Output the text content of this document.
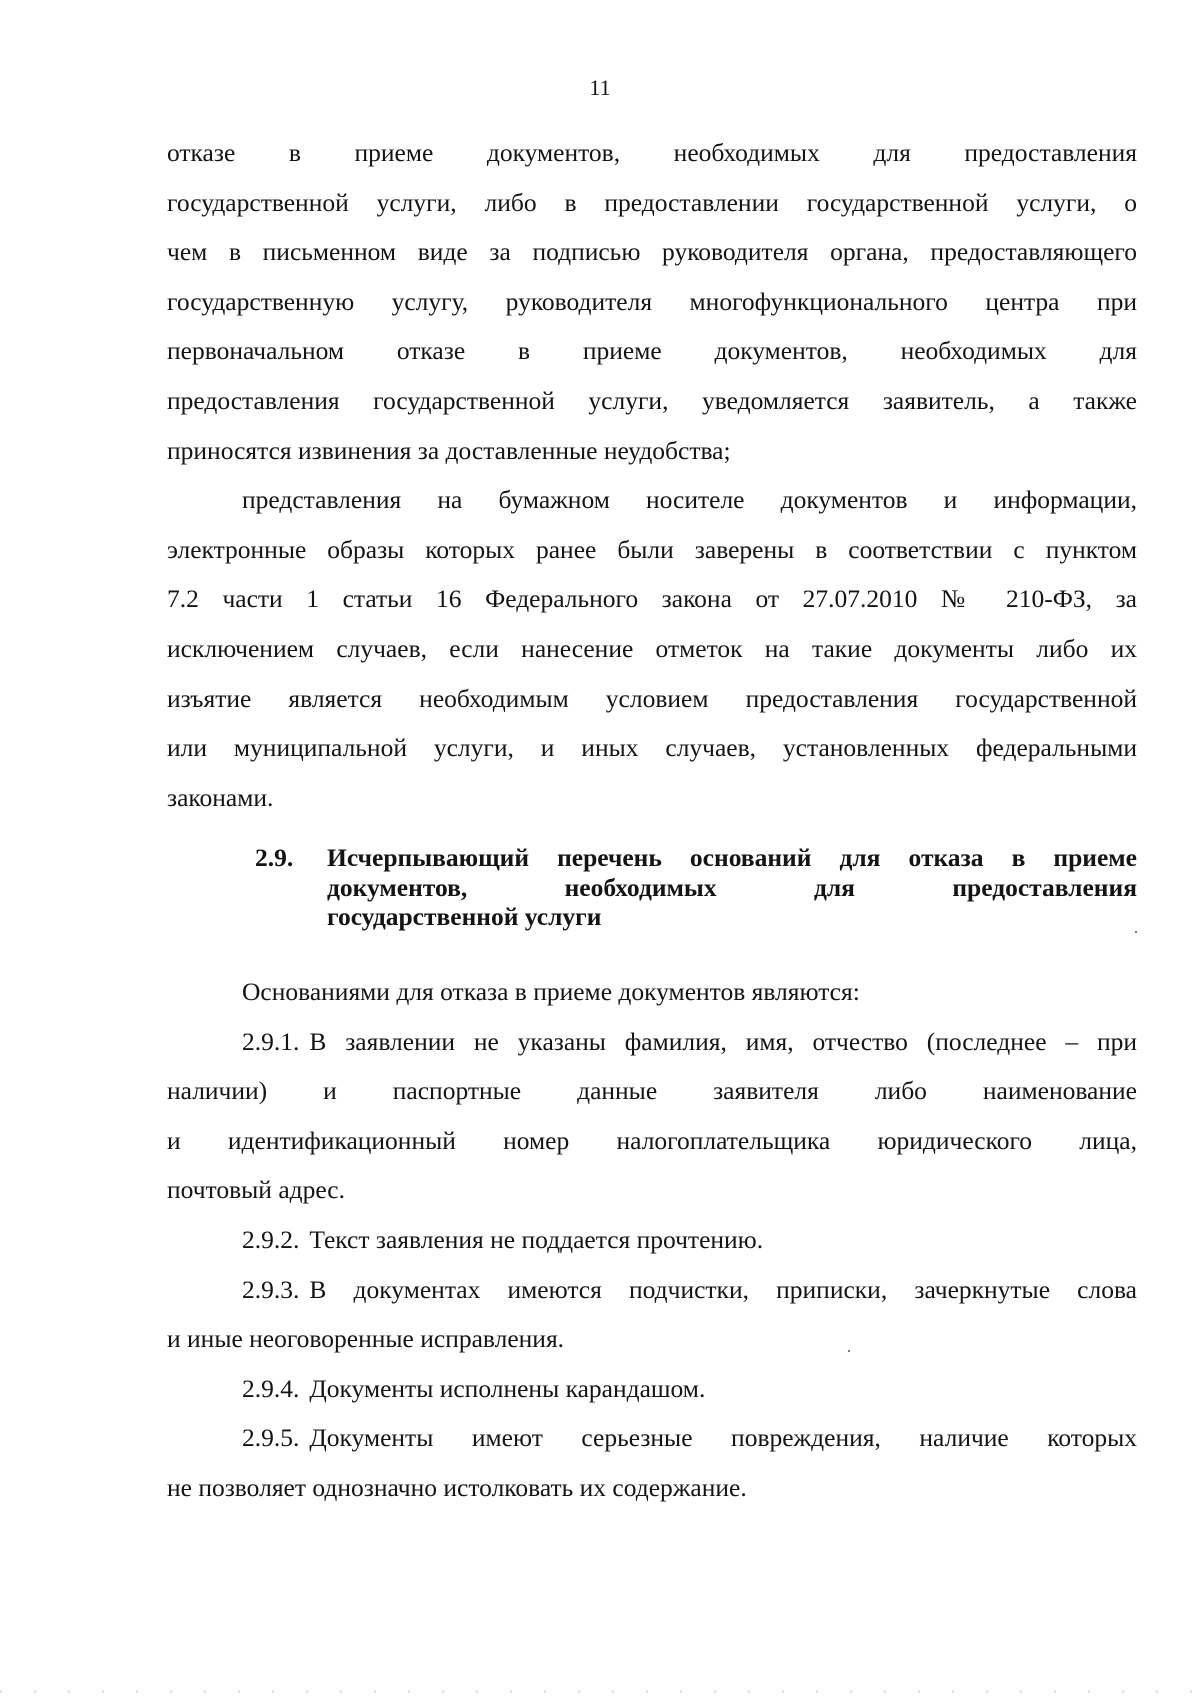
11

отказе в приеме документов, необходимых для предоставления
государственной услуги, либо в предоставлении государственной услуги, о
чем в письменном виде за подписью руководителя органа, предоставляющего
государственную услугу, руководителя многофункционального центра при
первоначальном отказе в приеме документов, необходимых для
предоставления государственной услуги, уведомляется заявитель, а также
приносятся извинения за доставленные неудобства;

представления на бумажном носителе документов и информации,
электронные образы которых ранее были заверены в соответствии с пунктом
7.2 части 1 статьи 16 Федерального закона от 27.07.2010 № 210-ФЗ, за
исключением случаев, если нанесение отметок на такие документы либо их
изъятие является необходимым условием предоставления государственной
или муниципальной услуги, и иных случаев, установленных федеральными
законами.

2.9.	Исчерпывающий перечень оснований для отказа в приеме
документов, необходимых для предоставления
государственной услуги

Основаниями для отказа в приеме документов являются:

2.9.1. В заявлении не указаны фамилия, имя, отчество (последнее – при
наличии) и паспортные данные заявителя либо наименование
и идентификационный номер налогоплательщика юридического лица,
почтовый адрес.

2.9.2. Текст заявления не поддается прочтению.

2.9.3. В документах имеются подчистки, приписки, зачеркнутые слова
и иные неоговоренные исправления.

2.9.4. Документы исполнены карандашом.

2.9.5. Документы имеют серьезные повреждения, наличие которых
не позволяет однозначно истолковать их содержание.
